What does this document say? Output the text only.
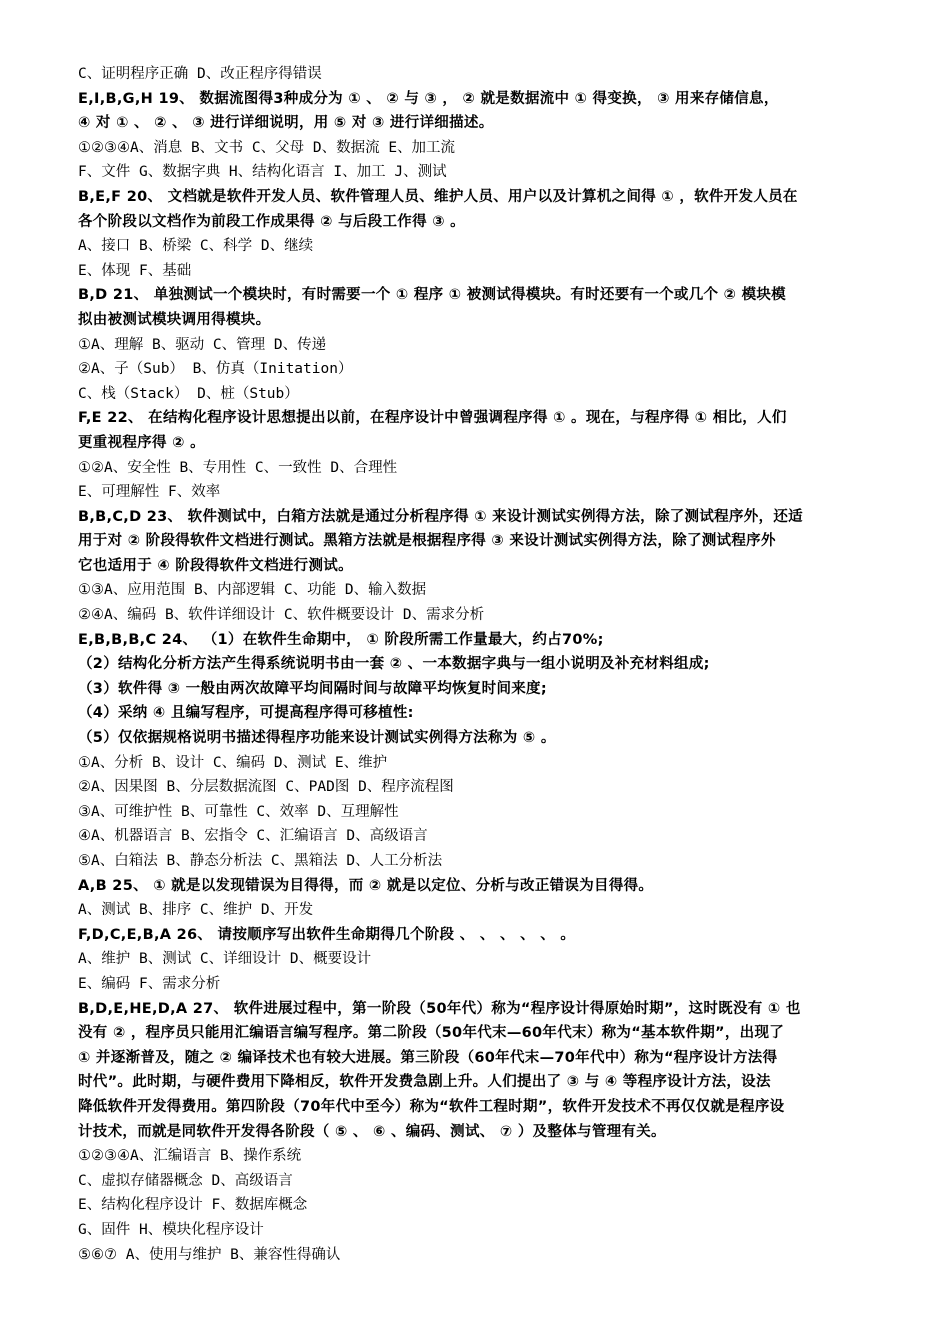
C、证明程序正确 D、改正程序得错误
E,I,B,G,H 19、 数据流图得3种成分为 ① 、 ② 与 ③ ， ② 就是数据流中 ① 得变换， ③ 用来存储信息，
④ 对 ① 、 ② 、 ③ 进行详细说明，用 ⑤ 对 ③ 进行详细描述。
①②③④A、消息 B、文书 C、父母 D、数据流 E、加工流
F、文件 G、数据字典 H、结构化语言 I、加工 J、测试
B,E,F 20、 文档就是软件开发人员、软件管理人员、维护人员、用户以及计算机之间得 ① ，软件开发人员在
各个阶段以文档作为前段工作成果得 ② 与后段工作得 ③ 。
A、接口 B、桥梁 C、科学 D、继续
E、体现 F、基础
B,D 21、 单独测试一个模块时，有时需要一个 ① 程序 ① 被测试得模块。有时还要有一个或几个 ② 模块模
拟由被测试模块调用得模块。
①A、理解 B、驱动 C、管理 D、传递
②A、子（Sub） B、仿真（Initation）
C、栈（Stack） D、桩（Stub）
F,E 22、 在结构化程序设计思想提出以前，在程序设计中曾强调程序得 ① 。现在，与程序得 ① 相比，人们
更重视程序得 ② 。
①②A、安全性 B、专用性 C、一致性 D、合理性
E、可理解性 F、效率
B,B,C,D 23、 软件测试中，白箱方法就是通过分析程序得 ① 来设计测试实例得方法，除了测试程序外，还适
用于对 ② 阶段得软件文档进行测试。黑箱方法就是根据程序得 ③ 来设计测试实例得方法，除了测试程序外
它也适用于 ④ 阶段得软件文档进行测试。
①③A、应用范围 B、内部逻辑 C、功能 D、输入数据
②④A、编码 B、软件详细设计 C、软件概要设计 D、需求分析
E,B,B,B,C 24、 （1）在软件生命期中， ① 阶段所需工作量最大，约占70%;
（2）结构化分析方法产生得系统说明书由一套 ② 、一本数据字典与一组小说明及补充材料组成;
（3）软件得 ③ 一般由两次故障平均间隔时间与故障平均恢复时间来度;
（4）采纳 ④ 且编写程序，可提高程序得可移植性:
（5）仅依据规格说明书描述得程序功能来设计测试实例得方法称为 ⑤ 。
①A、分析 B、设计 C、编码 D、测试 E、维护
②A、因果图 B、分层数据流图 C、PAD图 D、程序流程图
③A、可维护性 B、可靠性 C、效率 D、互理解性
④A、机器语言 B、宏指令 C、汇编语言 D、高级语言
⑤A、白箱法 B、静态分析法 C、黑箱法 D、人工分析法
A,B 25、 ① 就是以发现错误为目得得，而 ② 就是以定位、分析与改正错误为目得得。
A、测试 B、排序 C、维护 D、开发
F,D,C,E,B,A 26、 请按顺序写出软件生命期得几个阶段 、 、 、 、 、 。
A、维护 B、测试 C、详细设计 D、概要设计
E、编码 F、需求分析
B,D,E,HE,D,A 27、 软件进展过程中，第一阶段（50年代）称为“程序设计得原始时期”，这时既没有 ① 也
没有 ② ，程序员只能用汇编语言编写程序。第二阶段（50年代末—60年代末）称为“基本软件期”，出现了
① 并逐渐普及，随之 ② 编译技术也有较大进展。第三阶段（60年代末—70年代中）称为“程序设计方法得
时代”。此时期，与硬件费用下降相反，软件开发费急剧上升。人们提出了 ③ 与 ④ 等程序设计方法，设法
降低软件开发得费用。第四阶段（70年代中至今）称为“软件工程时期”，软件开发技术不再仅仅就是程序设
计技术，而就是同软件开发得各阶段（ ⑤ 、 ⑥ 、编码、测试、 ⑦ ）及整体与管理有关。
①②③④A、汇编语言 B、操作系统
C、虚拟存储器概念 D、高级语言
E、结构化程序设计 F、数据库概念
G、固件 H、模块化程序设计
⑤⑥⑦ A、使用与维护 B、兼容性得确认
